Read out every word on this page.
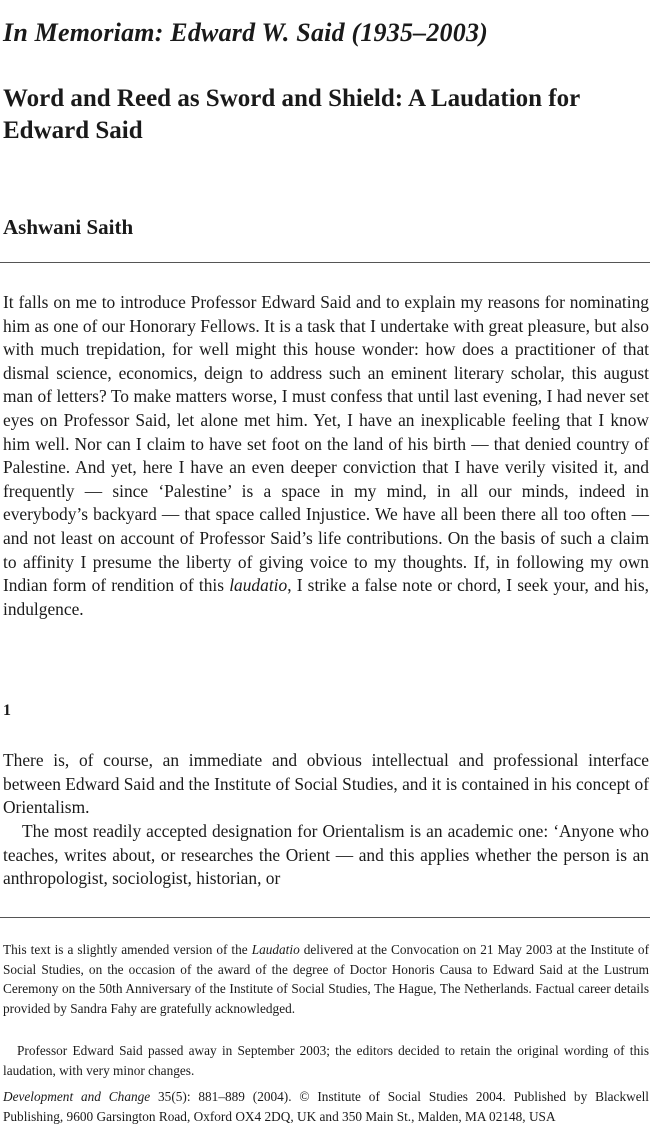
In Memoriam: Edward W. Said (1935–2003)
Word and Reed as Sword and Shield: A Laudation for Edward Said
Ashwani Saith

It falls on me to introduce Professor Edward Said and to explain my reasons for nominating him as one of our Honorary Fellows. It is a task that I undertake with great pleasure, but also with much trepidation, for well might this house wonder: how does a practitioner of that dismal science, economics, deign to address such an eminent literary scholar, this august man of letters? To make matters worse, I must confess that until last evening, I had never set eyes on Professor Said, let alone met him. Yet, I have an inexplicable feeling that I know him well. Nor can I claim to have set foot on the land of his birth — that denied country of Palestine. And yet, here I have an even deeper conviction that I have verily visited it, and frequently — since ‘Palestine’ is a space in my mind, in all our minds, indeed in everybody’s backyard — that space called Injustice. We have all been there all too often — and not least on account of Professor Said’s life contributions. On the basis of such a claim to affinity I presume the liberty of giving voice to my thoughts. If, in following my own Indian form of rendition of this laudatio, I strike a false note or chord, I seek your, and his, indulgence.

1

There is, of course, an immediate and obvious intellectual and professional interface between Edward Said and the Institute of Social Studies, and it is contained in his concept of Orientalism.

The most readily accepted designation for Orientalism is an academic one: ‘Anyone who teaches, writes about, or researches the Orient — and this applies whether the person is an anthropologist, sociologist, historian, or

This text is a slightly amended version of the Laudatio delivered at the Convocation on 21 May 2003 at the Institute of Social Studies, on the occasion of the award of the degree of Doctor Honoris Causa to Edward Said at the Lustrum Ceremony on the 50th Anniversary of the Institute of Social Studies, The Hague, The Netherlands. Factual career details provided by Sandra Fahy are gratefully acknowledged.

Professor Edward Said passed away in September 2003; the editors decided to retain the original wording of this laudation, with very minor changes.

Development and Change 35(5): 881–889 (2004). © Institute of Social Studies 2004. Published by Blackwell Publishing, 9600 Garsington Road, Oxford OX4 2DQ, UK and 350 Main St., Malden, MA 02148, USA
